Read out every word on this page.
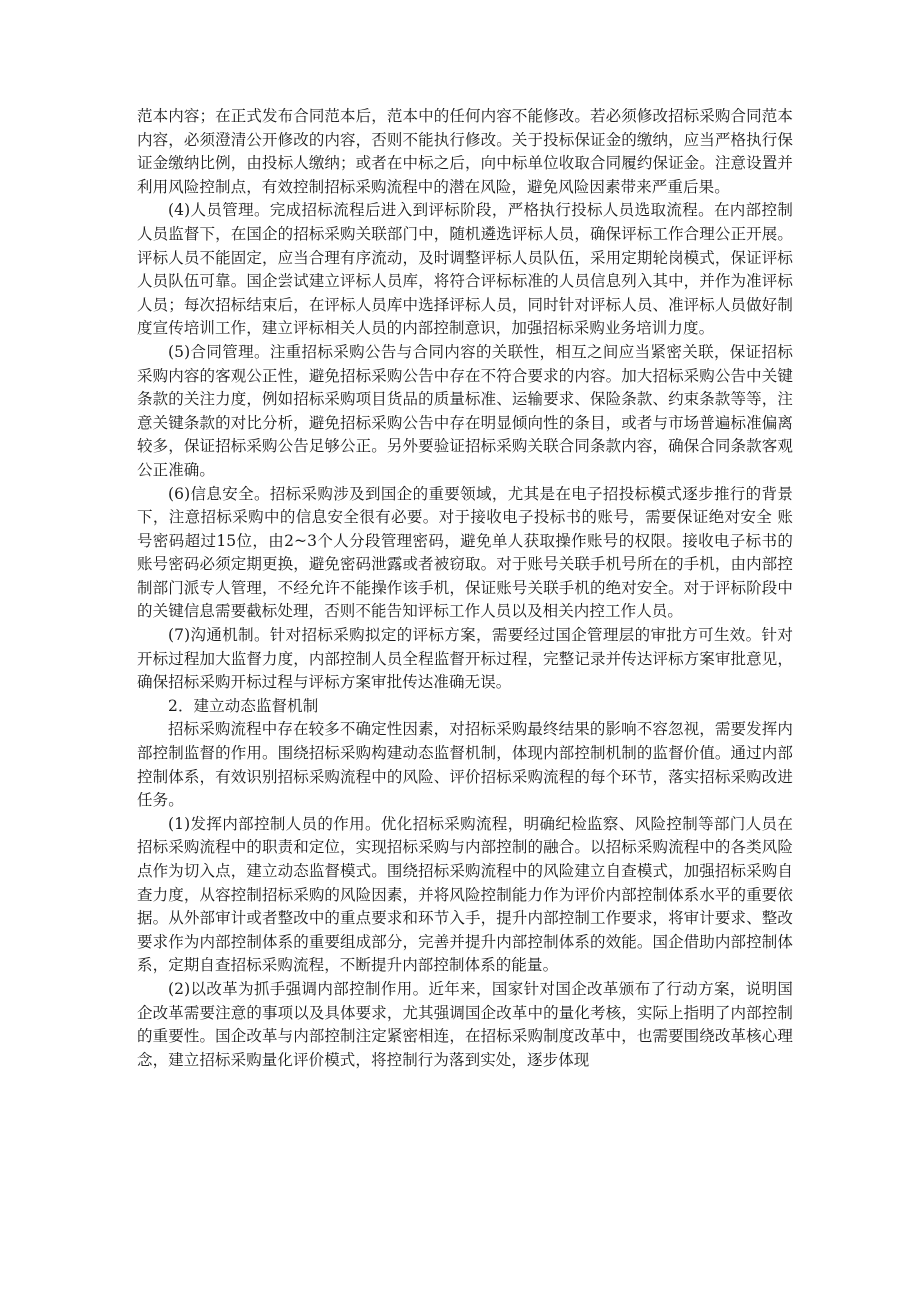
范本内容；在正式发布合同范本后，范本中的任何内容不能修改。若必须修改招标采购合同范本内容，必须澄清公开修改的内容，否则不能执行修改。关于投标保证金的缴纳，应当严格执行保证金缴纳比例，由投标人缴纳；或者在中标之后，向中标单位收取合同履约保证金。注意设置并利用风险控制点，有效控制招标采购流程中的潜在风险，避免风险因素带来严重后果。

(4)人员管理。完成招标流程后进入到评标阶段，严格执行投标人员选取流程。在内部控制人员监督下，在国企的招标采购关联部门中，随机遴选评标人员，确保评标工作合理公正开展。评标人员不能固定，应当合理有序流动，及时调整评标人员队伍，采用定期轮岗模式，保证评标人员队伍可靠。国企尝试建立评标人员库，将符合评标标准的人员信息列入其中，并作为准评标人员；每次招标结束后，在评标人员库中选择评标人员，同时针对评标人员、准评标人员做好制度宣传培训工作，建立评标相关人员的内部控制意识，加强招标采购业务培训力度。

(5)合同管理。注重招标采购公告与合同内容的关联性，相互之间应当紧密关联，保证招标采购内容的客观公正性，避免招标采购公告中存在不符合要求的内容。加大招标采购公告中关键条款的关注力度，例如招标采购项目货品的质量标准、运输要求、保险条款、约束条款等等，注意关键条款的对比分析，避免招标采购公告中存在明显倾向性的条目，或者与市场普遍标准偏离较多，保证招标采购公告足够公正。另外要验证招标采购关联合同条款内容，确保合同条款客观公正准确。

(6)信息安全。招标采购涉及到国企的重要领域，尤其是在电子招投标模式逐步推行的背景下，注意招标采购中的信息安全很有必要。对于接收电子投标书的账号，需要保证绝对安全 账号密码超过15位，由2~3个人分段管理密码，避免单人获取操作账号的权限。接收电子标书的账号密码必须定期更换，避免密码泄露或者被窃取。对于账号关联手机号所在的手机，由内部控制部门派专人管理，不经允许不能操作该手机，保证账号关联手机的绝对安全。对于评标阶段中的关键信息需要截标处理，否则不能告知评标工作人员以及相关内控工作人员。

(7)沟通机制。针对招标采购拟定的评标方案，需要经过国企管理层的审批方可生效。针对开标过程加大监督力度，内部控制人员全程监督开标过程，完整记录并传达评标方案审批意见，确保招标采购开标过程与评标方案审批传达准确无误。

2．建立动态监督机制

招标采购流程中存在较多不确定性因素，对招标采购最终结果的影响不容忽视，需要发挥内部控制监督的作用。围绕招标采购构建动态监督机制，体现内部控制机制的监督价值。通过内部控制体系，有效识别招标采购流程中的风险、评价招标采购流程的每个环节，落实招标采购改进任务。

(1)发挥内部控制人员的作用。优化招标采购流程，明确纪检监察、风险控制等部门人员在招标采购流程中的职责和定位，实现招标采购与内部控制的融合。以招标采购流程中的各类风险点作为切入点，建立动态监督模式。围绕招标采购流程中的风险建立自查模式，加强招标采购自查力度，从容控制招标采购的风险因素，并将风险控制能力作为评价内部控制体系水平的重要依据。从外部审计或者整改中的重点要求和环节入手，提升内部控制工作要求，将审计要求、整改要求作为内部控制体系的重要组成部分，完善并提升内部控制体系的效能。国企借助内部控制体系，定期自查招标采购流程，不断提升内部控制体系的能量。

(2)以改革为抓手强调内部控制作用。近年来，国家针对国企改革颁布了行动方案，说明国企改革需要注意的事项以及具体要求，尤其强调国企改革中的量化考核，实际上指明了内部控制的重要性。国企改革与内部控制注定紧密相连，在招标采购制度改革中，也需要围绕改革核心理念，建立招标采购量化评价模式，将控制行为落到实处，逐步体现
